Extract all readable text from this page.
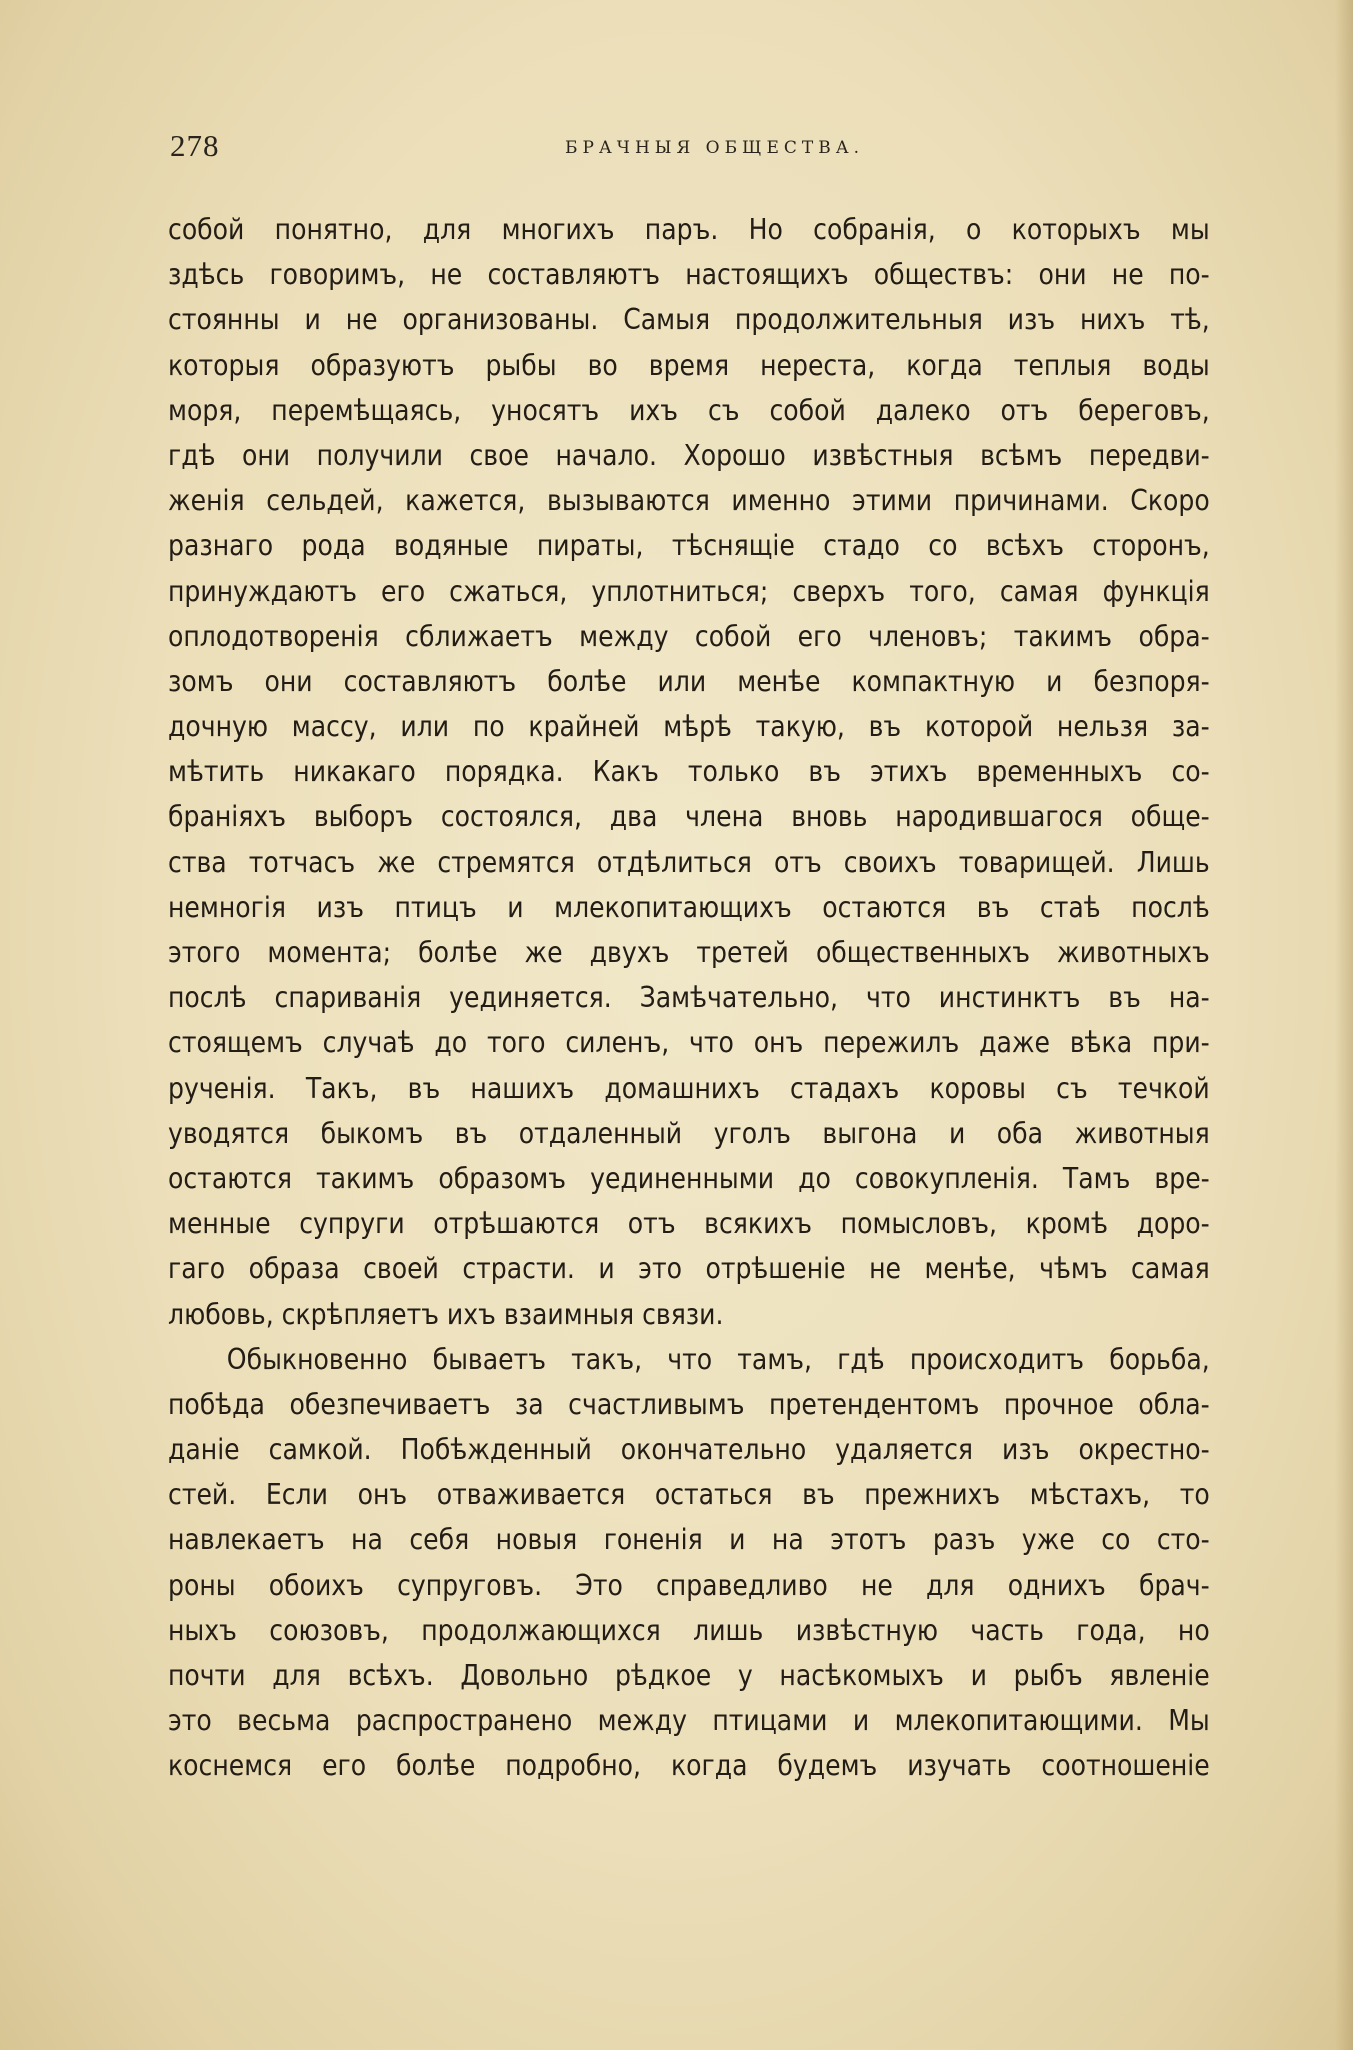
278	БРАЧНЫЯ ОБЩЕСТВА.
собой понятно, для многихъ паръ. Но собранія, о которыхъ мы
здѣсь говоримъ, не составляютъ настоящихъ обществъ: они не по-
стоянны и не организованы. Самыя продолжительныя изъ нихъ тѣ,
которыя образуютъ рыбы во время нереста, когда теплыя воды
моря, перемѣщаясь, уносятъ ихъ съ собой далеко отъ береговъ,
гдѣ они получили свое начало. Хорошо извѣстныя всѣмъ передви-
женія сельдей, кажется, вызываются именно этими причинами. Скоро
разнаго рода водяные пираты, тѣснящіе стадо со всѣхъ сторонъ,
принуждаютъ его сжаться, уплотниться; сверхъ того, самая функція
оплодотворенія сближаетъ между собой его членовъ; такимъ обра-
зомъ они составляютъ болѣе или менѣе компактную и безпоря-
дочную массу, или по крайней мѣрѣ такую, въ которой нельзя за-
мѣтить никакаго порядка. Какъ только въ этихъ временныхъ со-
браніяхъ выборъ состоялся, два члена вновь народившагося обще-
ства тотчасъ же стремятся отдѣлиться отъ своихъ товарищей. Лишь
немногія изъ птицъ и млекопитающихъ остаются въ стаѣ послѣ
этого момента; болѣе же двухъ третей общественныхъ животныхъ
послѣ спариванія уединяется. Замѣчательно, что инстинктъ въ на-
стоящемъ случаѣ до того силенъ, что онъ пережилъ даже вѣка при-
рученія. Такъ, въ нашихъ домашнихъ стадахъ коровы съ течкой
уводятся быкомъ въ отдаленный уголъ выгона и оба животныя
остаются такимъ образомъ уединенными до совокупленія. Тамъ вре-
менные супруги отрѣшаются отъ всякихъ помысловъ, кромѣ доро-
гаго образа своей страсти. и это отрѣшеніе не менѣе, чѣмъ самая
любовь, скрѣпляетъ ихъ взаимныя связи.
Обыкновенно бываетъ такъ, что тамъ, гдѣ происходитъ борьба,
побѣда обезпечиваетъ за счастливымъ претендентомъ прочное обла-
даніе самкой. Побѣжденный окончательно удаляется изъ окрестно-
стей. Если онъ отваживается остаться въ прежнихъ мѣстахъ, то
навлекаетъ на себя новыя гоненія и на этотъ разъ уже со сто-
роны обоихъ супруговъ. Это справедливо не для однихъ брач-
ныхъ союзовъ, продолжающихся лишь извѣстную часть года, но
почти для всѣхъ. Довольно рѣдкое у насѣкомыхъ и рыбъ явленіе
это весьма распространено между птицами и млекопитающими. Мы
коснемся его болѣе подробно, когда будемъ изучать соотношеніе
